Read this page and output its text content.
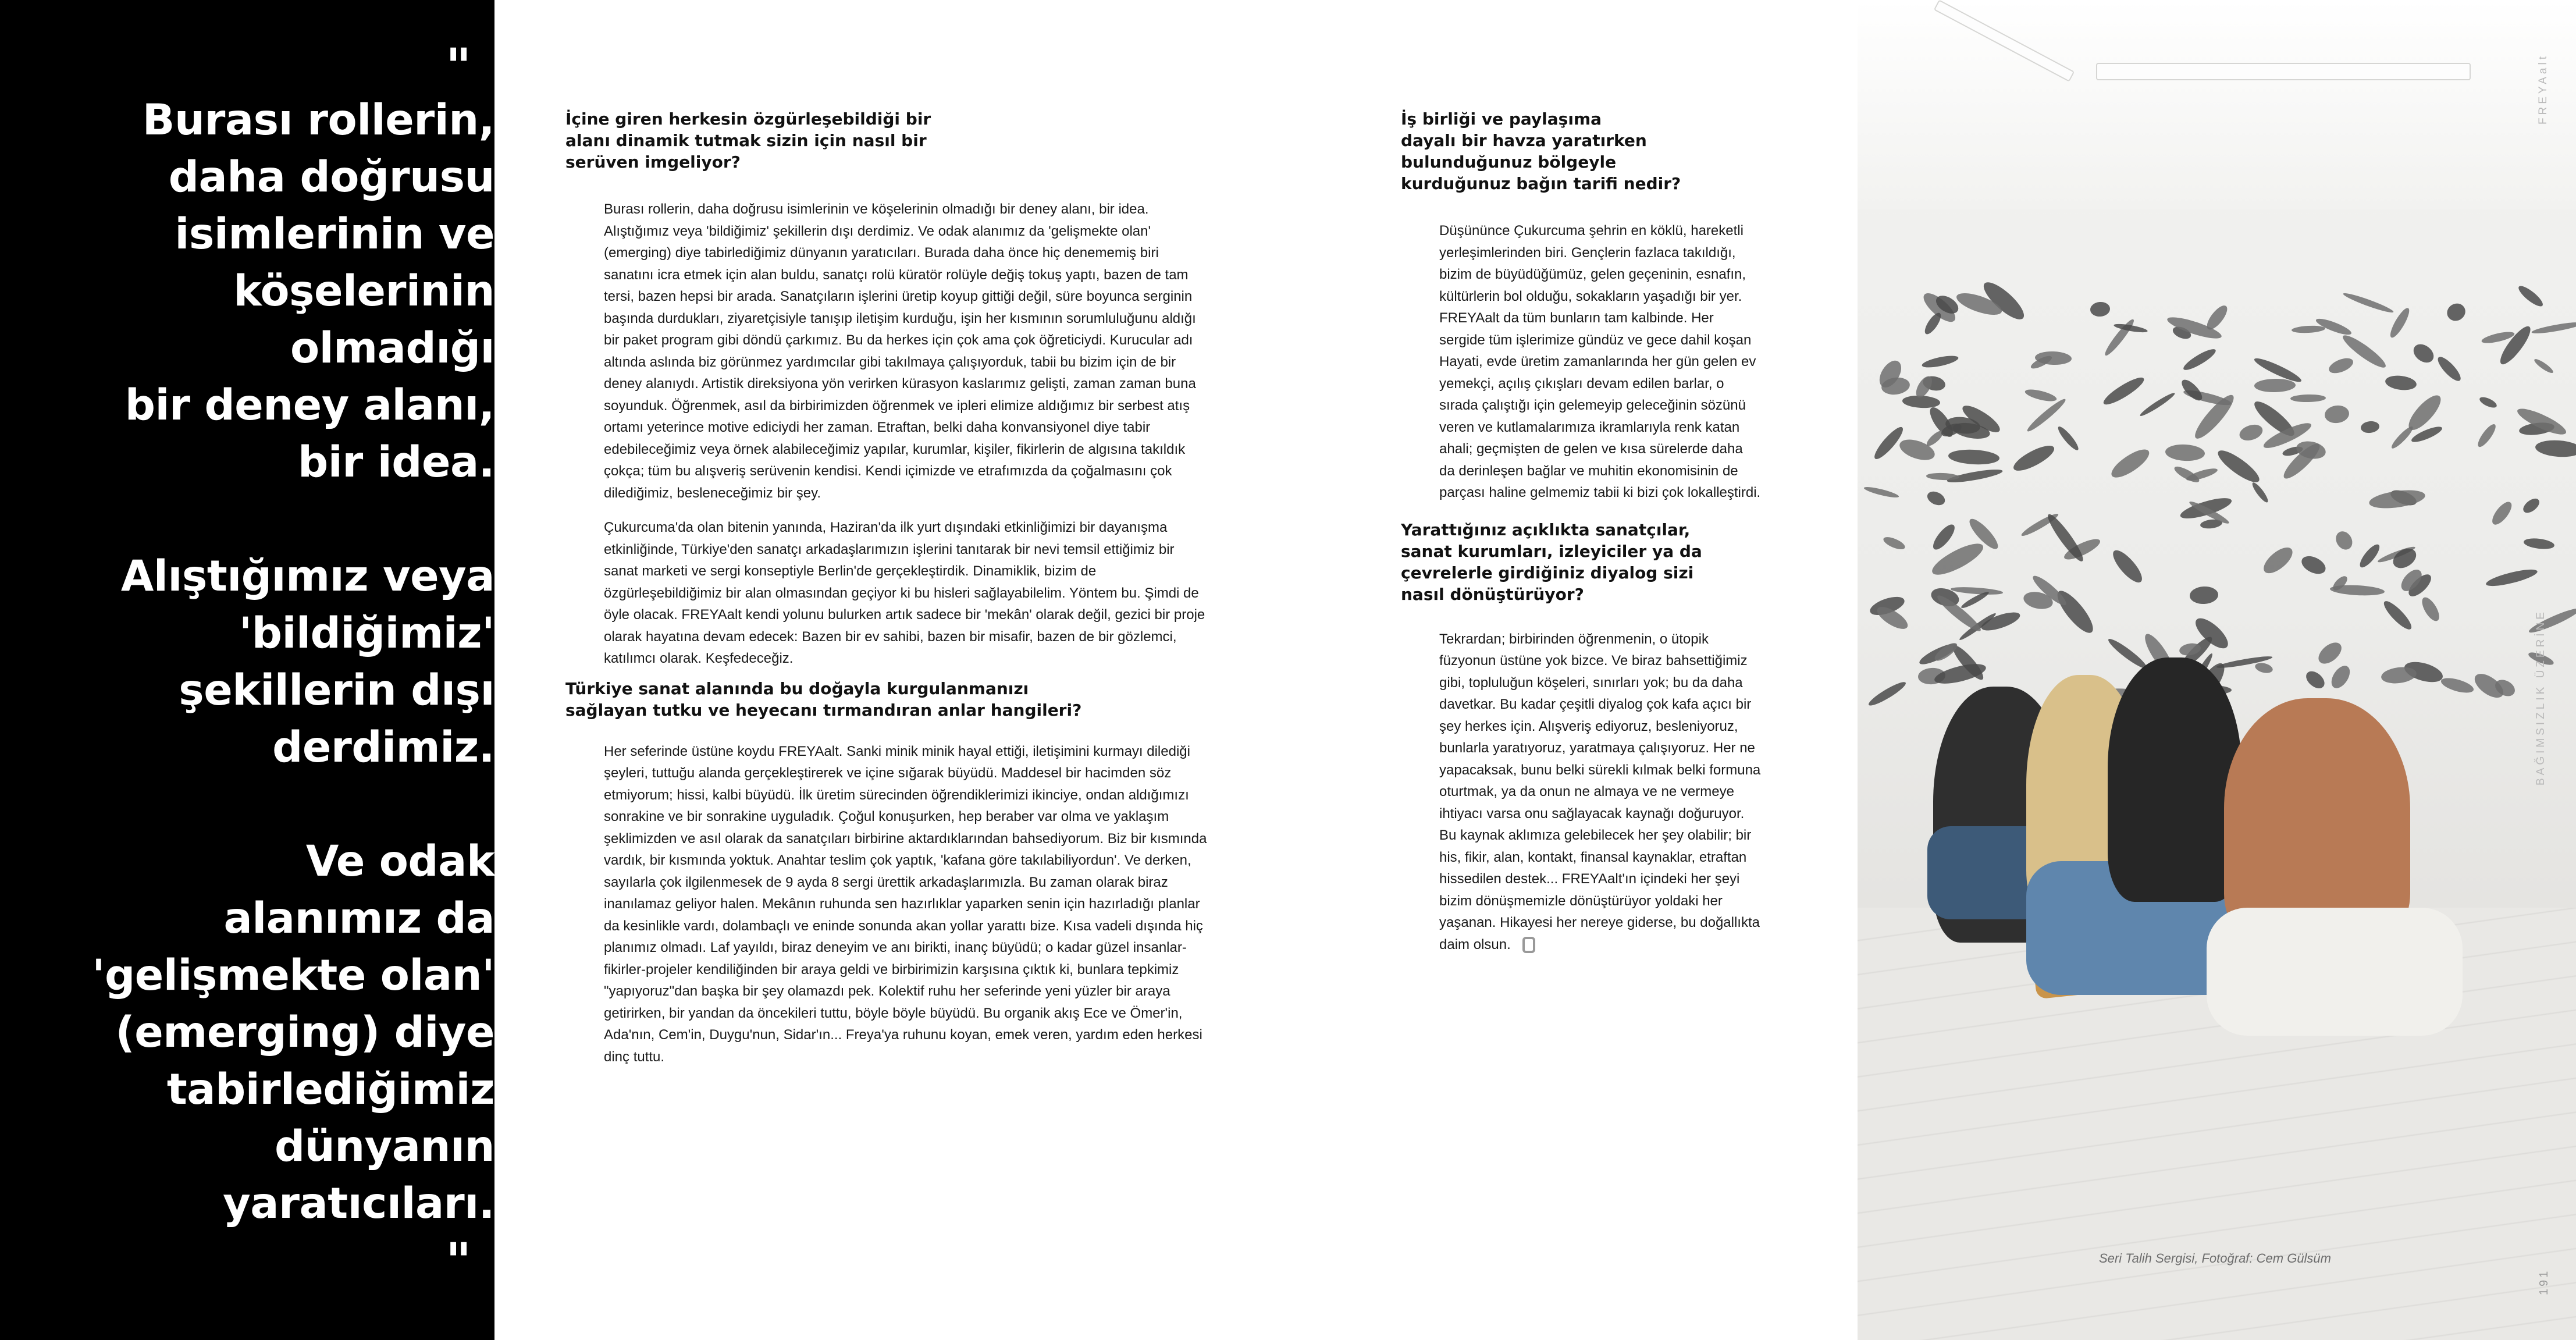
"
Burası rollerin,
daha doğrusu
isimlerinin ve
köşelerinin
olmadığı
bir deney alanı,
bir idea.

Alıştığımız veya
'bildiğimiz'
şekillerin dışı
derdimiz.

Ve odak
alanımız da
'gelişmekte olan'
(emerging) diye
tabirlediğimiz
dünyanın
yaratıcıları.
"

İçine giren herkesin özgürleşebildiği bir
alanı dinamik tutmak sizin için nasıl bir
serüven imgeliyor?

Burası rollerin, daha doğrusu isimlerinin ve köşelerinin olmadığı bir deney alanı, bir idea. Alıştığımız veya 'bildiğimiz' şekillerin dışı derdimiz. Ve odak alanımız da 'gelişmekte olan' (emerging) diye tabirlediğimiz dünyanın yaratıcıları. Burada daha önce hiç denememiş biri sanatını icra etmek için alan buldu, sanatçı rolü küratör rolüyle değiş tokuş yaptı, bazen de tam tersi, bazen hepsi bir arada. Sanatçıların işlerini üretip koyup gittiği değil, süre boyunca serginin başında durdukları, ziyaretçisiyle tanışıp iletişim kurduğu, işin her kısmının sorumluluğunu aldığı bir paket program gibi döndü çarkımız. Bu da herkes için çok ama çok öğreticiydi. Kurucular adı altında aslında biz görünmez yardımcılar gibi takılmaya çalışıyorduk, tabii bu bizim için de bir deney alanıydı. Artistik direksiyona yön verirken kürasyon kaslarımız gelişti, zaman zaman buna soyunduk. Öğrenmek, asıl da birbirimizden öğrenmek ve ipleri elimize aldığımız bir serbest atış ortamı yeterince motive ediciydi her zaman. Etraftan, belki daha konvansiyonel diye tabir edebileceğimiz veya örnek alabileceğimiz yapılar, kurumlar, kişiler, fikirlerin de algısına takıldık çokça; tüm bu alışveriş serüvenin kendisi. Kendi içimizde ve etrafımızda da çoğalmasını çok dilediğimiz, besleneceğimiz bir şey.

Çukurcuma'da olan bitenin yanında, Haziran'da ilk yurt dışındaki etkinliğimizi bir dayanışma etkinliğinde, Türkiye'den sanatçı arkadaşlarımızın işlerini tanıtarak bir nevi temsil ettiğimiz bir sanat marketi ve sergi konseptiyle Berlin'de gerçekleştirdik. Dinamiklik, bizim de özgürleşebildiğimiz bir alan olmasından geçiyor ki bu hisleri sağlayabilelim. Yöntem bu. Şimdi de öyle olacak. FREYAalt kendi yolunu bulurken artık sadece bir 'mekân' olarak değil, gezici bir proje olarak hayatına devam edecek: Bazen bir ev sahibi, bazen bir misafir, bazen de bir gözlemci, katılımcı olarak. Keşfedeceğiz.

Türkiye sanat alanında bu doğayla kurgulanmanızı
sağlayan tutku ve heyecanı tırmandıran anlar hangileri?

Her seferinde üstüne koydu FREYAalt. Sanki minik minik hayal ettiği, iletişimini kurmayı dilediği şeyleri, tuttuğu alanda gerçekleştirerek ve içine sığarak büyüdü. Maddesel bir hacimden söz etmiyorum; hissi, kalbi büyüdü. İlk üretim sürecinden öğrendiklerimizi ikinciye, ondan aldığımızı sonrakine ve bir sonrakine uyguladık. Çoğul konuşurken, hep beraber var olma ve yaklaşım şeklimizden ve asıl olarak da sanatçıları birbirine aktardıklarından bahsediyorum. Biz bir kısmında vardık, bir kısmında yoktuk. Anahtar teslim çok yaptık, 'kafana göre takılabiliyordun'. Ve derken, sayılarla çok ilgilenmesek de 9 ayda 8 sergi ürettik arkadaşlarımızla. Bu zaman olarak biraz inanılamaz geliyor halen. Mekânın ruhunda sen hazırlıklar yaparken senin için hazırladığı planlar da kesinlikle vardı, dolambaçlı ve eninde sonunda akan yollar yarattı bize. Kısa vadeli dışında hiç planımız olmadı. Laf yayıldı, biraz deneyim ve anı birikti, inanç büyüdü; o kadar güzel insanlar-fikirler-projeler kendiliğinden bir araya geldi ve birbirimizin karşısına çıktık ki, bunlara tepkimiz "yapıyoruz"dan başka bir şey olamazdı pek. Kolektif ruhu her seferinde yeni yüzler bir araya getirirken, bir yandan da öncekileri tuttu, böyle böyle büyüdü. Bu organik akış Ece ve Ömer'in, Ada'nın, Cem'in, Duygu'nun, Sidar'ın... Freya'ya ruhunu koyan, emek veren, yardım eden herkesi dinç tuttu.

İş birliği ve paylaşıma
dayalı bir havza yaratırken
bulunduğunuz bölgeyle
kurduğunuz bağın tarifi nedir?

Düşününce Çukurcuma şehrin en köklü, hareketli yerleşimlerinden biri. Gençlerin fazlaca takıldığı, bizim de büyüdüğümüz, gelen geçeninin, esnafın, kültürlerin bol olduğu, sokakların yaşadığı bir yer. FREYAalt da tüm bunların tam kalbinde. Her sergide tüm işlerimize gündüz ve gece dahil koşan Hayati, evde üretim zamanlarında her gün gelen ev yemekçi, açılış çıkışları devam edilen barlar, o sırada çalıştığı için gelemeyip geleceğinin sözünü veren ve kutlamalarımıza ikramlarıyla renk katan ahali; geçmişten de gelen ve kısa sürelerde daha da derinleşen bağlar ve muhitin ekonomisinin de parçası haline gelmemiz tabii ki bizi çok lokalleştirdi.

Yarattığınız açıklıkta sanatçılar,
sanat kurumları, izleyiciler ya da
çevrelerle girdiğiniz diyalog sizi
nasıl dönüştürüyor?

Tekrardan; birbirinden öğrenmenin, o ütopik füzyonun üstüne yok bizce. Ve biraz bahsettiğimiz gibi, topluluğun köşeleri, sınırları yok; bu da daha davetkar. Bu kadar çeşitli diyalog çok kafa açıcı bir şey herkes için. Alışveriş ediyoruz, besleniyoruz, bunlarla yaratıyoruz, yaratmaya çalışıyoruz. Her ne yapacaksak, bunu belki sürekli kılmak belki formuna oturtmak, ya da onun ne almaya ve ne vermeye ihtiyacı varsa onu sağlayacak kaynağı doğuruyor. Bu kaynak aklımıza gelebilecek her şey olabilir; bir his, fikir, alan, kontakt, finansal kaynaklar, etraftan hissedilen destek... FREYAalt'ın içindeki her şeyi bizim dönüşmemizle dönüştürüyor yoldaki her yaşanan. Hikayesi her nereye giderse, bu doğallıkta daim olsun.

Seri Talih Sergisi, Fotoğraf: Cem Gülsüm
FREYAalt
BAĞIMSIZLIK ÜZERİNE
191
